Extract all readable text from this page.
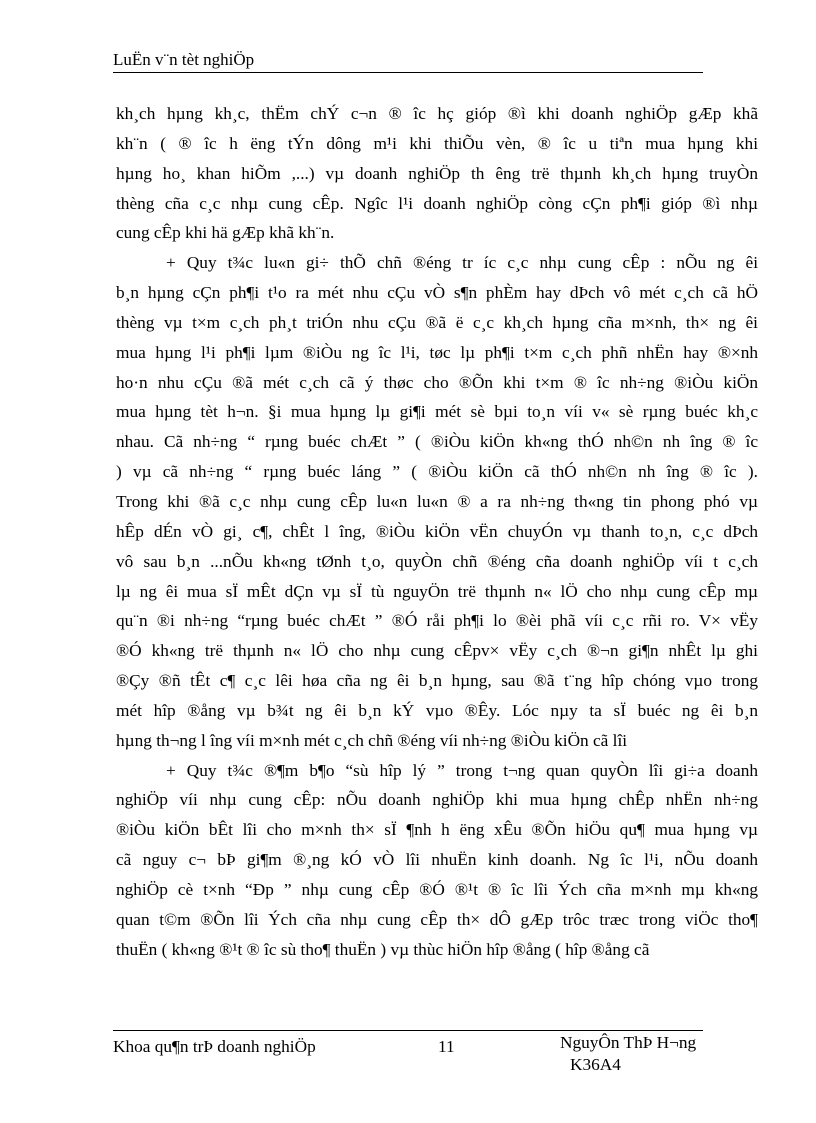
LuËn v¨n tèt nghiÖp
kh¸ch hµng kh¸c, thËm chÝ c¬n ® îc hç gióp ®ì khi doanh nghiÖp gÆp khã
kh¨n ( ® îc h ëng tÝn dông m¹i khi thiÕu vèn, ® îc u tiªn mua hµng khi
hµng ho¸ khan hiÕm ,...) vµ doanh nghiÖp th êng trë thµnh kh¸ch hµng truyÒn
thèng cña c¸c nhµ cung cÊp. Ngîc l¹i doanh nghiÖp còng cÇn ph¶i gióp ®ì nhµ
cung cÊp khi hä gÆp khã kh¨n.
+ Quy t¾c lu«n gi÷ thÕ chñ ®éng tr íc c¸c nhµ cung cÊp : nÕu ng êi
b¸n hµng cÇn ph¶i t¹o ra mét nhu cÇu vÒ s¶n phÈm hay dÞch vô mét c¸ch cã hÖ
thèng vµ t×m c¸ch ph¸t triÓn nhu cÇu ®ã ë c¸c kh¸ch hµng cña m×nh, th× ng êi
mua hµng l¹i ph¶i lµm ®iÒu ng îc l¹i, tøc lµ ph¶i t×m c¸ch phñ nhËn hay ®×nh
ho·n nhu cÇu ®ã mét c¸ch cã ý thøc cho ®Õn khi t×m ® îc nh÷ng ®iÒu kiÖn
mua hµng tèt h¬n. §i mua hµng lµ gi¶i mét sè bµi to¸n víi v« sè rµng buéc kh¸c
nhau. Cã nh÷ng “ rµng buéc chÆt ” ( ®iÒu kiÖn kh«ng thÓ nh©n nh îng ® îc
) vµ cã nh÷ng “ rµng buéc láng ” ( ®iÒu kiÖn cã thÓ nh©n nh îng ® îc ).
Trong khi ®ã c¸c nhµ cung cÊp lu«n lu«n ® a ra nh÷ng th«ng tin phong phó vµ
hÊp dÉn vÒ gi¸ c¶, chÊt l îng, ®iÒu kiÖn vËn chuyÓn vµ thanh to¸n, c¸c dÞch
vô sau b¸n ...nÕu kh«ng tØnh t¸o, quyÒn chñ ®éng cña doanh nghiÖp víi t c¸ch
lµ ng êi mua sÏ mÊt dÇn vµ sÏ tù nguyÖn trë thµnh n« lÖ cho nhµ cung cÊp mµ
qu¨n ®i nh÷ng “rµng buéc chÆt ” ®Ó råi ph¶i lo ®èi phã víi c¸c rñi ro. V× vËy
®Ó kh«ng trë thµnh n« lÖ cho nhµ cung cÊpv× vËy c¸ch ®¬n gi¶n nhÊt lµ ghi
®Çy ®ñ tÊt c¶ c¸c lêi høa cña ng êi b¸n hµng, sau ®ã t¨ng hîp chóng vµo trong
mét hîp ®ång vµ b¾t ng êi b¸n kÝ vµo ®Êy. Lóc nµy ta sÏ buéc ng êi b¸n
hµng th¬ng l îng víi m×nh mét c¸ch chñ ®éng víi nh÷ng ®iÒu kiÖn cã lîi
+ Quy t¾c ®¶m b¶o “sù hîp lý ” trong t¬ng quan quyÒn lîi gi÷a doanh
nghiÖp víi nhµ cung cÊp: nÕu doanh nghiÖp khi mua hµng chÊp nhËn nh÷ng
®iÒu kiÖn bÊt lîi cho m×nh th× sÏ ¶nh h ëng xÊu ®Õn hiÖu qu¶ mua hµng vµ
cã nguy c¬ bÞ gi¶m ®¸ng kÓ vÒ lîi nhuËn kinh doanh. Ng îc l¹i, nÕu doanh
nghiÖp cè t×nh “Ðp ” nhµ cung cÊp ®Ó ®¹t ® îc lîi Ých cña m×nh mµ kh«ng
quan t©m ®Õn lîi Ých cña nhµ cung cÊp th× dÔ gÆp trôc træc trong viÖc tho¶
thuËn ( kh«ng ®¹t ® îc sù tho¶ thuËn ) vµ thùc hiÖn hîp ®ång ( hîp ®ång cã
Khoa qu¶n trÞ doanh nghiÖp	11	NguyÔn ThÞ H¬ng
K36A4
